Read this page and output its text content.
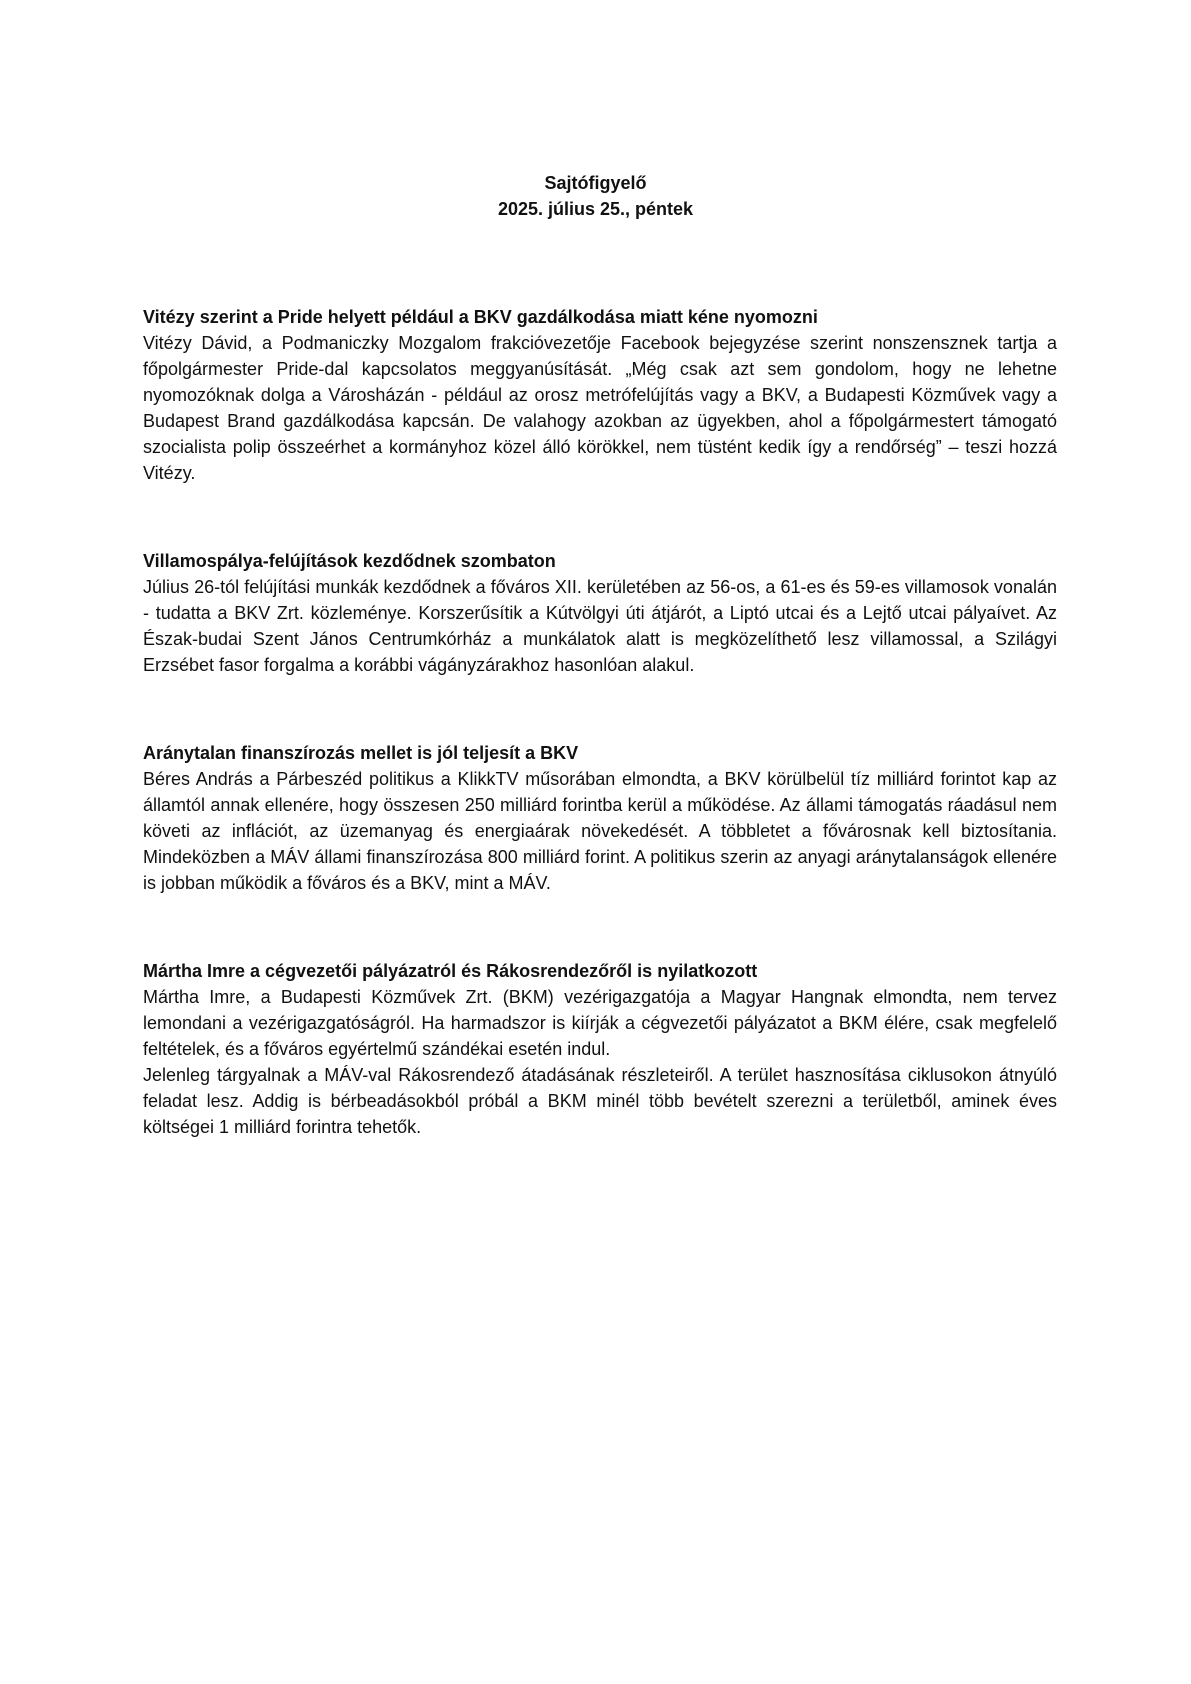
Sajtófigyelő
2025. július 25., péntek
Vitézy szerint a Pride helyett például a BKV gazdálkodása miatt kéne nyomozni

Vitézy Dávid, a Podmaniczky Mozgalom frakcióvezetője Facebook bejegyzése szerint nonszensznek tartja a főpolgármester Pride-dal kapcsolatos meggyanúsítását. „Még csak azt sem gondolom, hogy ne lehetne nyomozóknak dolga a Városházán - például az orosz metrófelújítás vagy a BKV, a Budapesti Közművek vagy a Budapest Brand gazdálkodása kapcsán. De valahogy azokban az ügyekben, ahol a főpolgármestert támogató szocialista polip összeérhet a kormányhoz közel álló körökkel, nem tüstént kedik így a rendőrség” – teszi hozzá Vitézy.

Villamospálya-felújítások kezdődnek szombaton

Július 26-tól felújítási munkák kezdődnek a főváros XII. kerületében az 56-os, a 61-es és 59-es villamosok vonalán - tudatta a BKV Zrt. közleménye. Korszerűsítik a Kútvölgyi úti átjárót, a Liptó utcai és a Lejtő utcai pályaívet. Az Észak-budai Szent János Centrumkórház a munkálatok alatt is megközelíthető lesz villamossal, a Szilágyi Erzsébet fasor forgalma a korábbi vágányzárakhoz hasonlóan alakul.

Aránytalan finanszírozás mellet is jól teljesít a BKV

Béres András a Párbeszéd politikus a KlikkTV műsorában elmondta, a BKV körülbelül tíz milliárd forintot kap az államtól annak ellenére, hogy összesen 250 milliárd forintba kerül a működése. Az állami támogatás ráadásul nem követi az inflációt, az üzemanyag és energiaárak növekedését. A többletet a fővárosnak kell biztosítania. Mindeközben a MÁV állami finanszírozása 800 milliárd forint. A politikus szerin az anyagi aránytalanságok ellenére is jobban működik a főváros és a BKV, mint a MÁV.

Mártha Imre a cégvezetői pályázatról és Rákosrendezőről is nyilatkozott

Mártha Imre, a Budapesti Közművek Zrt. (BKM) vezérigazgatója a Magyar Hangnak elmondta, nem tervez lemondani a vezérigazgatóságról. Ha harmadszor is kiírják a cégvezetői pályázatot a BKM élére, csak megfelelő feltételek, és a főváros egyértelmű szándékai esetén indul.

Jelenleg tárgyalnak a MÁV-val Rákosrendező átadásának részleteiről. A terület hasznosítása ciklusokon átnyúló feladat lesz. Addig is bérbeadásokból próbál a BKM minél több bevételt szerezni a területből, aminek éves költségei 1 milliárd forintra tehetők.
